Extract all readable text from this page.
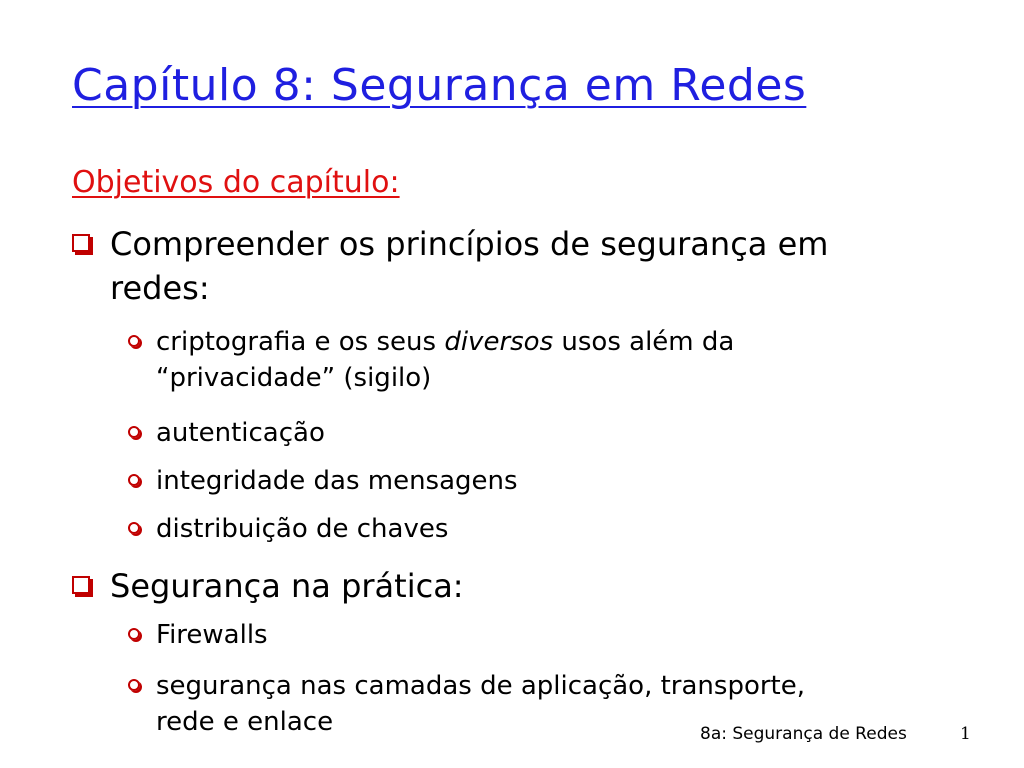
Capítulo 8: Segurança em Redes
Objetivos do capítulo:
Compreender os princípios de segurança em
redes:
criptografia e os seus diversos usos além da
“privacidade” (sigilo)
autenticação
integridade das mensagens
distribuição de chaves
Segurança na prática:
Firewalls
segurança nas camadas de aplicação, transporte,
rede e enlace	8a: Segurança de Redes	1
